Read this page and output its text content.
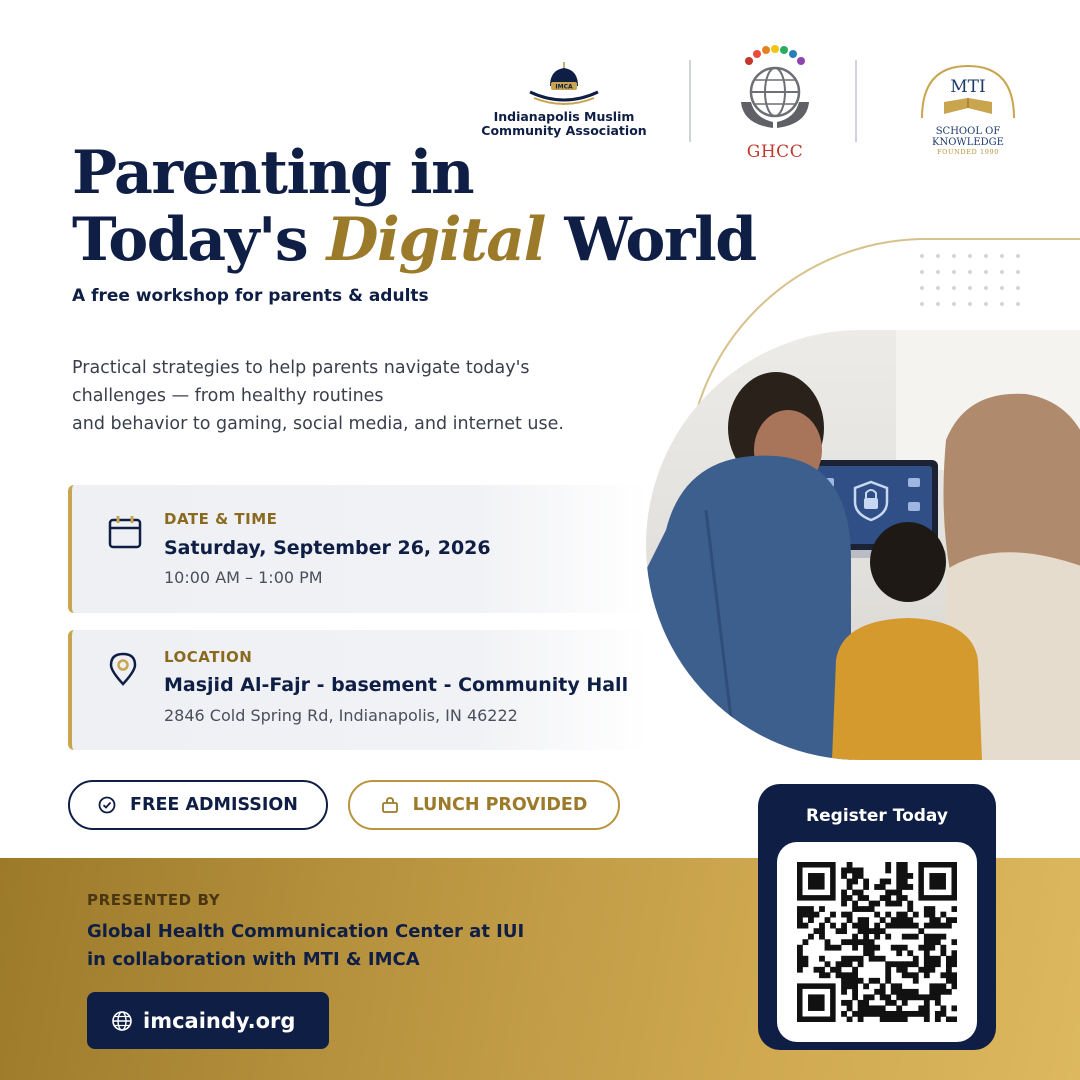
IMCA
Indianapolis Muslim Community Association
GHCC
MTI
SCHOOL OF KNOWLEDGE
FOUNDED 1990
Parenting in
Today's Digital World
A free workshop for parents & adults
Practical strategies to help parents navigate today's
challenges — from healthy routines
and behavior to gaming, social media, and internet use.
DATE & TIME
Saturday, September 26, 2026
10:00 AM – 1:00 PM
LOCATION
Masjid Al-Fajr - basement - Community Hall
2846 Cold Spring Rd, Indianapolis, IN 46222
FREE ADMISSION	LUNCH PROVIDED
PRESENTED BY
Global Health Communication Center at IUI
in collaboration with MTI & IMCA
imcaindy.org
Register Today
